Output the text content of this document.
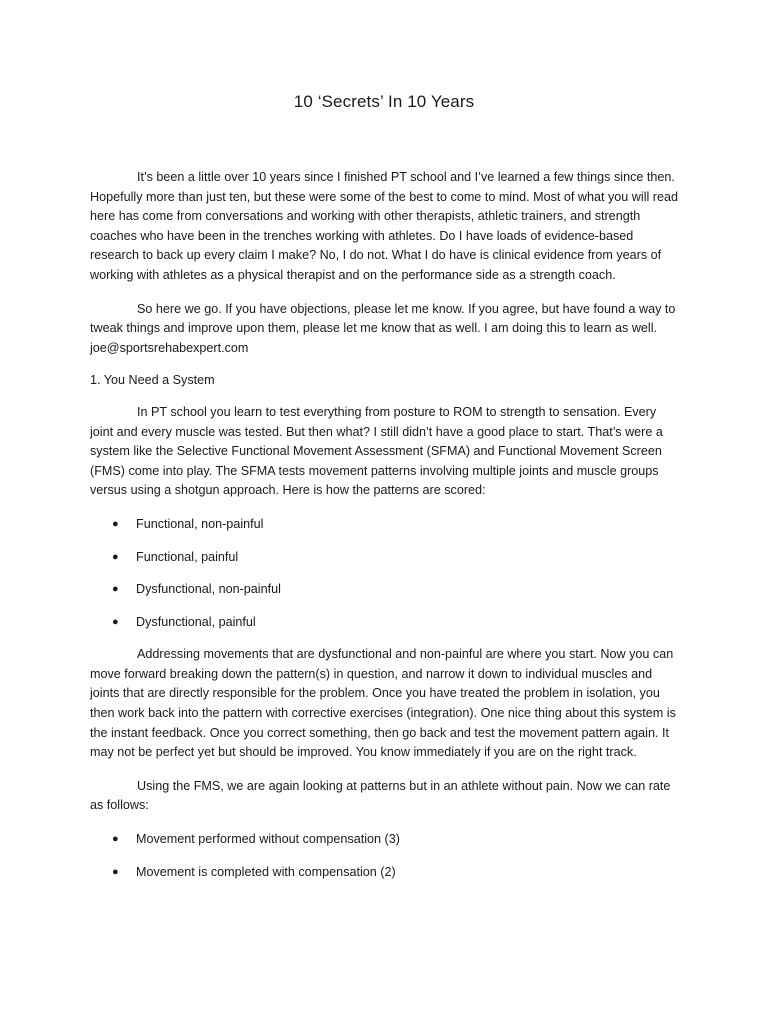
10 ‘Secrets’ In 10 Years

It’s been a little over 10 years since I finished PT school and I’ve learned a few things since then. Hopefully more than just ten, but these were some of the best to come to mind. Most of what you will read here has come from conversations and working with other therapists, athletic trainers, and strength coaches who have been in the trenches working with athletes. Do I have loads of evidence-based research to back up every claim I make? No, I do not. What I do have is clinical evidence from years of working with athletes as a physical therapist and on the performance side as a strength coach.

So here we go. If you have objections, please let me know. If you agree, but have found a way to tweak things and improve upon them, please let me know that as well. I am doing this to learn as well. joe@sportsrehabexpert.com

1. You Need a System

In PT school you learn to test everything from posture to ROM to strength to sensation. Every joint and every muscle was tested. But then what? I still didn’t have a good place to start. That’s were a system like the Selective Functional Movement Assessment (SFMA) and Functional Movement Screen (FMS) come into play. The SFMA tests movement patterns involving multiple joints and muscle groups versus using a shotgun approach. Here is how the patterns are scored:

● Functional, non-painful
● Functional, painful
● Dysfunctional, non-painful
● Dysfunctional, painful

Addressing movements that are dysfunctional and non-painful are where you start. Now you can move forward breaking down the pattern(s) in question, and narrow it down to individual muscles and joints that are directly responsible for the problem. Once you have treated the problem in isolation, you then work back into the pattern with corrective exercises (integration). One nice thing about this system is the instant feedback. Once you correct something, then go back and test the movement pattern again. It may not be perfect yet but should be improved. You know immediately if you are on the right track.

Using the FMS, we are again looking at patterns but in an athlete without pain. Now we can rate as follows:

● Movement performed without compensation (3)
● Movement is completed with compensation (2)
